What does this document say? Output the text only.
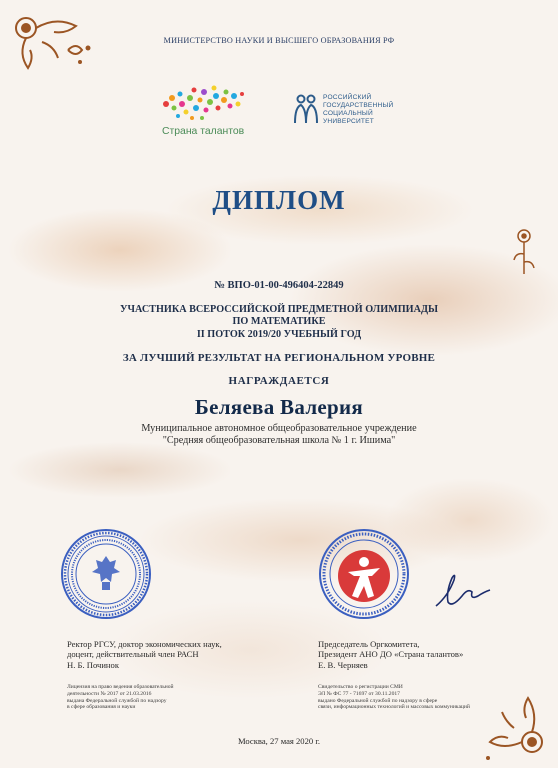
МИНИСТЕРСТВО НАУКИ И ВЫСШЕГО ОБРАЗОВАНИЯ РФ
Страна талантов
РОССИЙСКИЙ
ГОСУДАРСТВЕННЫЙ
СОЦИАЛЬНЫЙ
УНИВЕРСИТЕТ
ДИПЛОМ
№ ВПО-01-00-496404-22849
УЧАСТНИКА ВСЕРОССИЙСКОЙ ПРЕДМЕТНОЙ ОЛИМПИАДЫ
ПО МАТЕМАТИКЕ
II ПОТОК 2019/20 УЧЕБНЫЙ ГОД
ЗА ЛУЧШИЙ РЕЗУЛЬТАТ НА РЕГИОНАЛЬНОМ УРОВНЕ
НАГРАЖДАЕТСЯ
Беляева Валерия
Муниципальное автономное общеобразовательное учреждение
"Средняя общеобразовательная школа № 1 г. Ишима"
Ректор РГСУ, доктор экономических наук,
доцент, действительный член РАСН
Н. Б. Починок
Лицензия на право ведения образовательной
деятельности № 2017 от 21.03.2016
выдана Федеральной службой по надзору
в сфере образования и науки
Председатель Оргкомитета,
Президент АНО ДО «Страна талантов»
Е. В. Черняев
Свидетельство о регистрации СМИ
ЭЛ № ФС 77 - 71697 от 30.11.2017
выдано Федеральной службой по надзору в сфере
связи, информационных технологий и массовых коммуникаций
Москва, 27 мая 2020 г.
